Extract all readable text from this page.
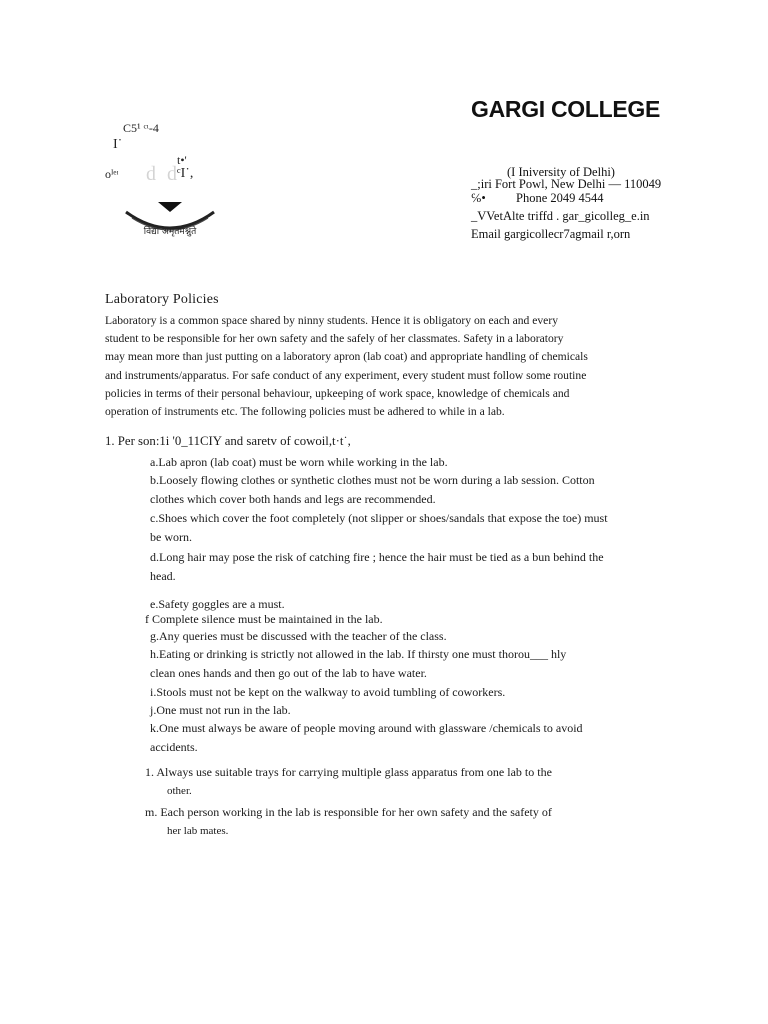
GARGI COLLEGE
C5¹ ᶜᶥ-4
I˙
t•'
oᴵᵉᶦ d d
ᶜI˙,
विद्या अमृतमश्नुते
(I Iniversity of Delhi)
_;iri Fort Powl, New Delhi — 110049
℅• Phone 2049 4544
_VVetAlte triffd . gar_gicolleg_e.in
Email gargicollecr7agmail r,orn
Laboratory Policies
Laboratory is a common space shared by ninny students. Hence it is obligatory on each and every
student to be responsible for her own safety and the safely of her classmates. Safety in a laboratory
may mean more than just putting on a laboratory apron (lab coat) and appropriate handling of chemicals
and instruments/apparatus. For safe conduct of any experiment, every student must follow some routine
policies in terms of their personal behaviour, upkeeping of work space, knowledge of chemicals and
operation of instruments etc. The following policies must be adhered to while in a lab.
1. Per son:1i '0_11CIY and saretv of cowoil,t·t˙,
a.Lab apron (lab coat) must be worn while working in the lab.
b.Loosely flowing clothes or synthetic clothes must not be worn during a lab session. Cotton
clothes which cover both hands and legs are recommended.
c.Shoes which cover the foot completely (not slipper or shoes/sandals that expose the toe) must
be worn.
d.Long hair may pose the risk of catching fire ; hence the hair must be tied as a bun behind the
head.
e.Safety goggles are a must.
f Complete silence must be maintained in the lab.
g.Any queries must be discussed with the teacher of the class.
h.Eating or drinking is strictly not allowed in the lab. If thirsty one must thorou___ hly
clean ones hands and then go out of the lab to have water.
i.Stools must not be kept on the walkway to avoid tumbling of coworkers.
j.One must not run in the lab.
k.One must always be aware of people moving around with glassware /chemicals to avoid
accidents.
1. Always use suitable trays for carrying multiple glass apparatus from one lab to the
other.
m. Each person working in the lab is responsible for her own safety and the safety of
her lab mates.
